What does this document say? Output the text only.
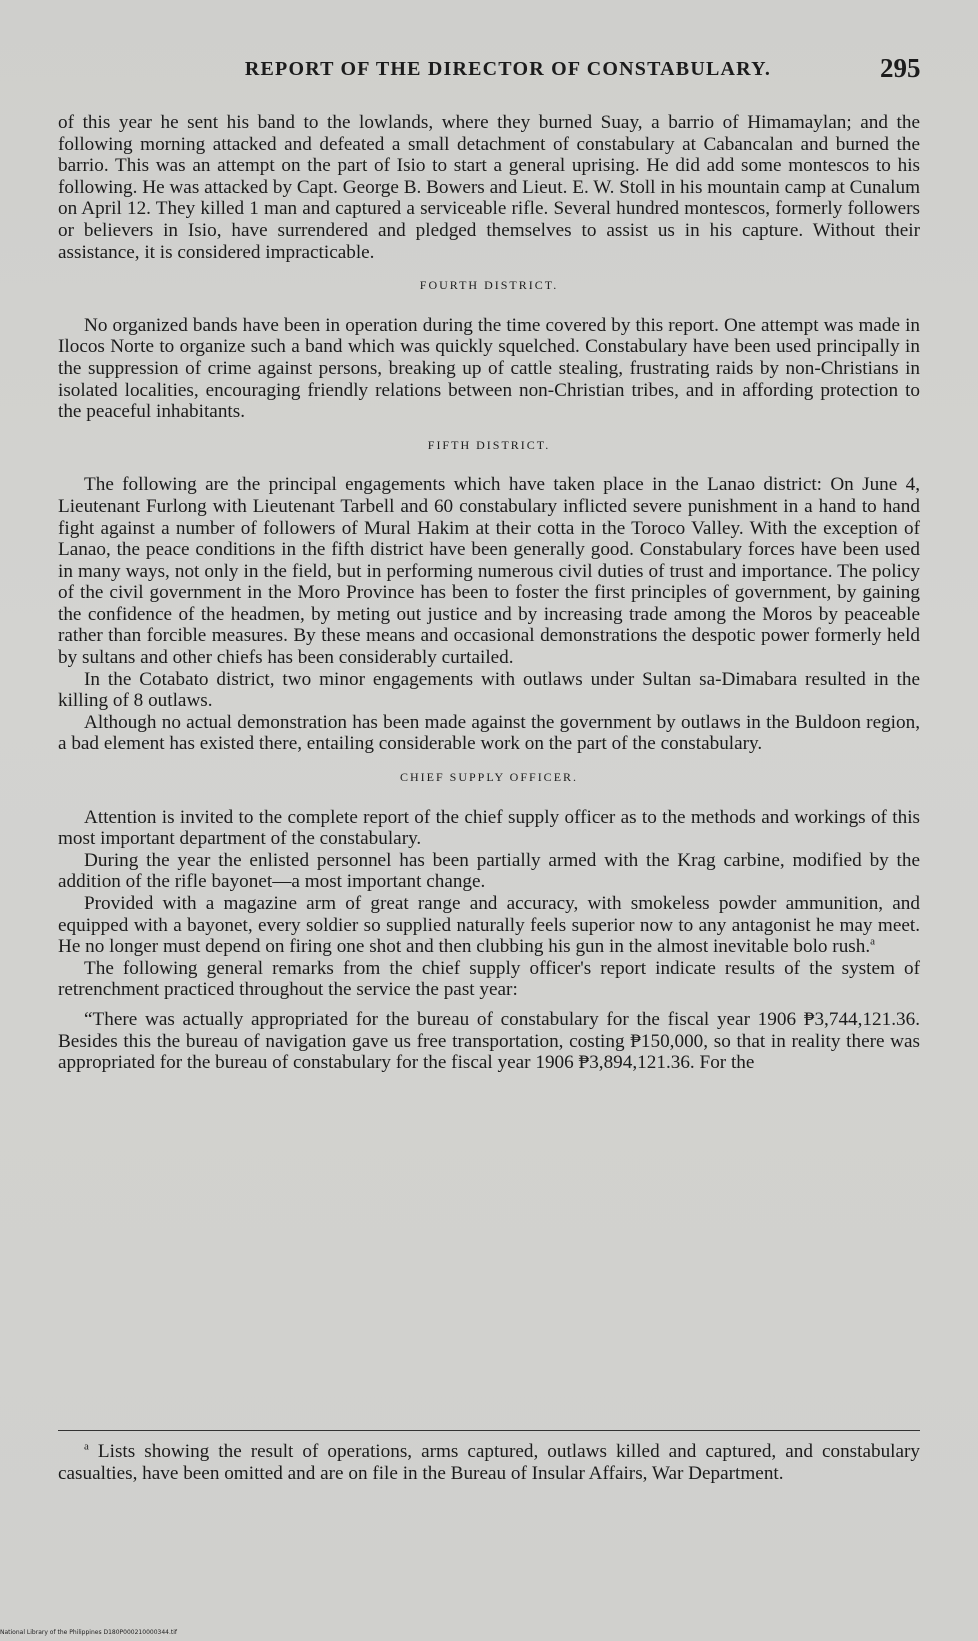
REPORT OF THE DIRECTOR OF CONSTABULARY.	295

of this year he sent his band to the lowlands, where they burned Suay, a barrio of Himamaylan; and the following morning attacked and defeated a small detachment of constabulary at Cabancalan and burned the barrio. This was an attempt on the part of Isio to start a general uprising. He did add some montescos to his following. He was attacked by Capt. George B. Bowers and Lieut. E. W. Stoll in his mountain camp at Cunalum on April 12. They killed 1 man and captured a serviceable rifle. Several hundred montescos, formerly followers or believers in Isio, have surrendered and pledged themselves to assist us in his capture. Without their assistance, it is considered impracticable.

FOURTH DISTRICT.

No organized bands have been in operation during the time covered by this report. One attempt was made in Ilocos Norte to organize such a band which was quickly squelched. Constabulary have been used principally in the suppression of crime against persons, breaking up of cattle stealing, frustrating raids by non-Christians in isolated localities, encouraging friendly relations between non-Christian tribes, and in affording protection to the peaceful inhabitants.

FIFTH DISTRICT.

The following are the principal engagements which have taken place in the Lanao district: On June 4, Lieutenant Furlong with Lieutenant Tarbell and 60 constabulary inflicted severe punishment in a hand to hand fight against a number of followers of Mural Hakim at their cotta in the Toroco Valley. With the exception of Lanao, the peace conditions in the fifth district have been generally good. Constabulary forces have been used in many ways, not only in the field, but in performing numerous civil duties of trust and importance. The policy of the civil government in the Moro Province has been to foster the first principles of government, by gaining the confidence of the headmen, by meting out justice and by increasing trade among the Moros by peaceable rather than forcible measures. By these means and occasional demonstrations the despotic power formerly held by sultans and other chiefs has been considerably curtailed.

In the Cotabato district, two minor engagements with outlaws under Sultan sa-Dimabara resulted in the killing of 8 outlaws.

Although no actual demonstration has been made against the government by outlaws in the Buldoon region, a bad element has existed there, entailing considerable work on the part of the constabulary.

CHIEF SUPPLY OFFICER.

Attention is invited to the complete report of the chief supply officer as to the methods and workings of this most important department of the constabulary.

During the year the enlisted personnel has been partially armed with the Krag carbine, modified by the addition of the rifle bayonet—a most important change.

Provided with a magazine arm of great range and accuracy, with smokeless powder ammunition, and equipped with a bayonet, every soldier so supplied naturally feels superior now to any antagonist he may meet. He no longer must depend on firing one shot and then clubbing his gun in the almost inevitable bolo rush.$^a$

The following general remarks from the chief supply officer's report indicate results of the system of retrenchment practiced throughout the service the past year:

“There was actually appropriated for the bureau of constabulary for the fiscal year 1906 ₱3,744,121.36. Besides this the bureau of navigation gave us free transportation, costing ₱150,000, so that in reality there was appropriated for the bureau of constabulary for the fiscal year 1906 ₱3,894,121.36. For the

$^a$ Lists showing the result of operations, arms captured, outlaws killed and captured, and constabulary casualties, have been omitted and are on file in the Bureau of Insular Affairs, War Department.
National Library of the Philippines D180P000210000344.tif
